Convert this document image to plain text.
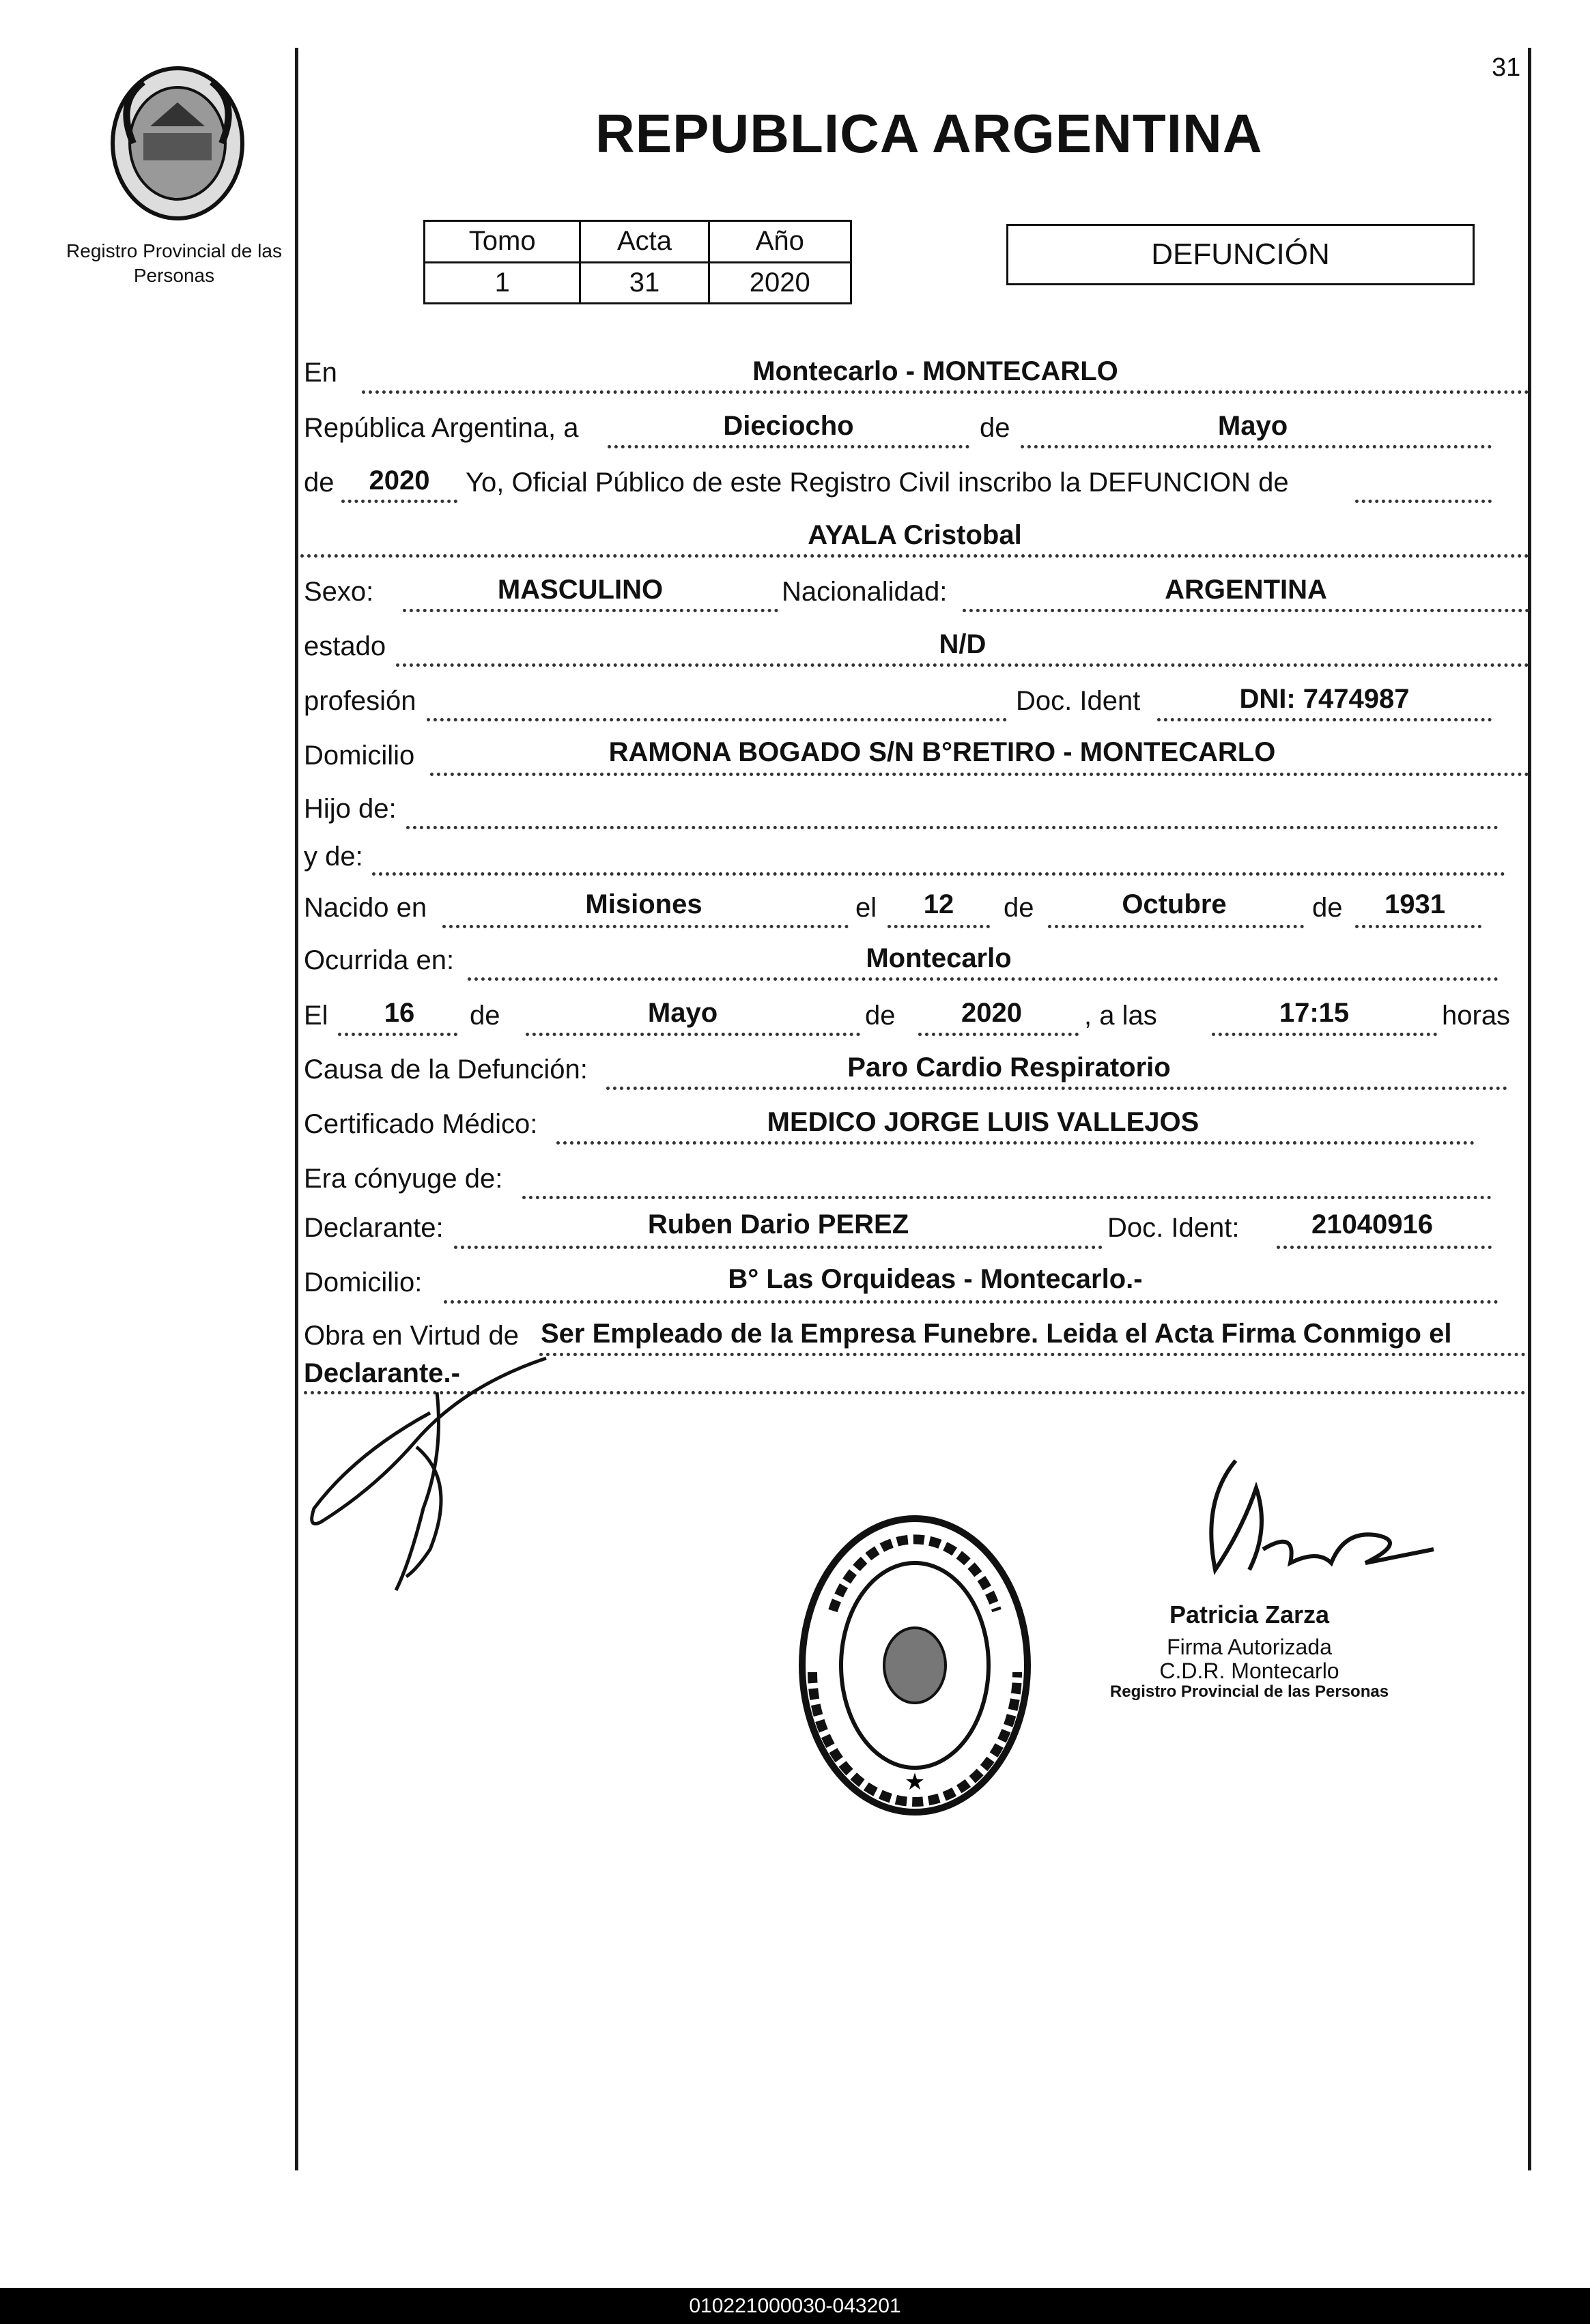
31
REPUBLICA ARGENTINA
Registro Provincial de las Personas
Tomo	Acta	Año
1	31	2020
DEFUNCIÓN
En	Montecarlo - MONTECARLO
República Argentina, a	Dieciocho	de	Mayo
de	2020	Yo, Oficial Público de este Registro Civil inscribo la DEFUNCION de
AYALA Cristobal
Sexo:	MASCULINO	Nacionalidad:	ARGENTINA
estado	N/D
profesión	Doc. Ident	DNI: 7474987
Domicilio	RAMONA BOGADO S/N B°RETIRO - MONTECARLO
Hijo de:
y de:
Nacido en	Misiones	el	12	de	Octubre	de	1931
Ocurrida en:	Montecarlo
El	16	de	Mayo	de	2020	, a las	17:15	horas
Causa de la Defunción:	Paro Cardio Respiratorio
Certificado Médico:	MEDICO JORGE LUIS VALLEJOS
Era cónyuge de:
Declarante:	Ruben Dario PEREZ	Doc. Ident:	21040916
Domicilio:	B° Las Orquideas - Montecarlo.-
Obra en Virtud de Ser Empleado de la Empresa Funebre. Leida el Acta Firma Conmigo el
Declarante.-
★
Patricia Zarza
Firma Autorizada
C.D.R. Montecarlo
Registro Provincial de las Personas
010221000030-043201
